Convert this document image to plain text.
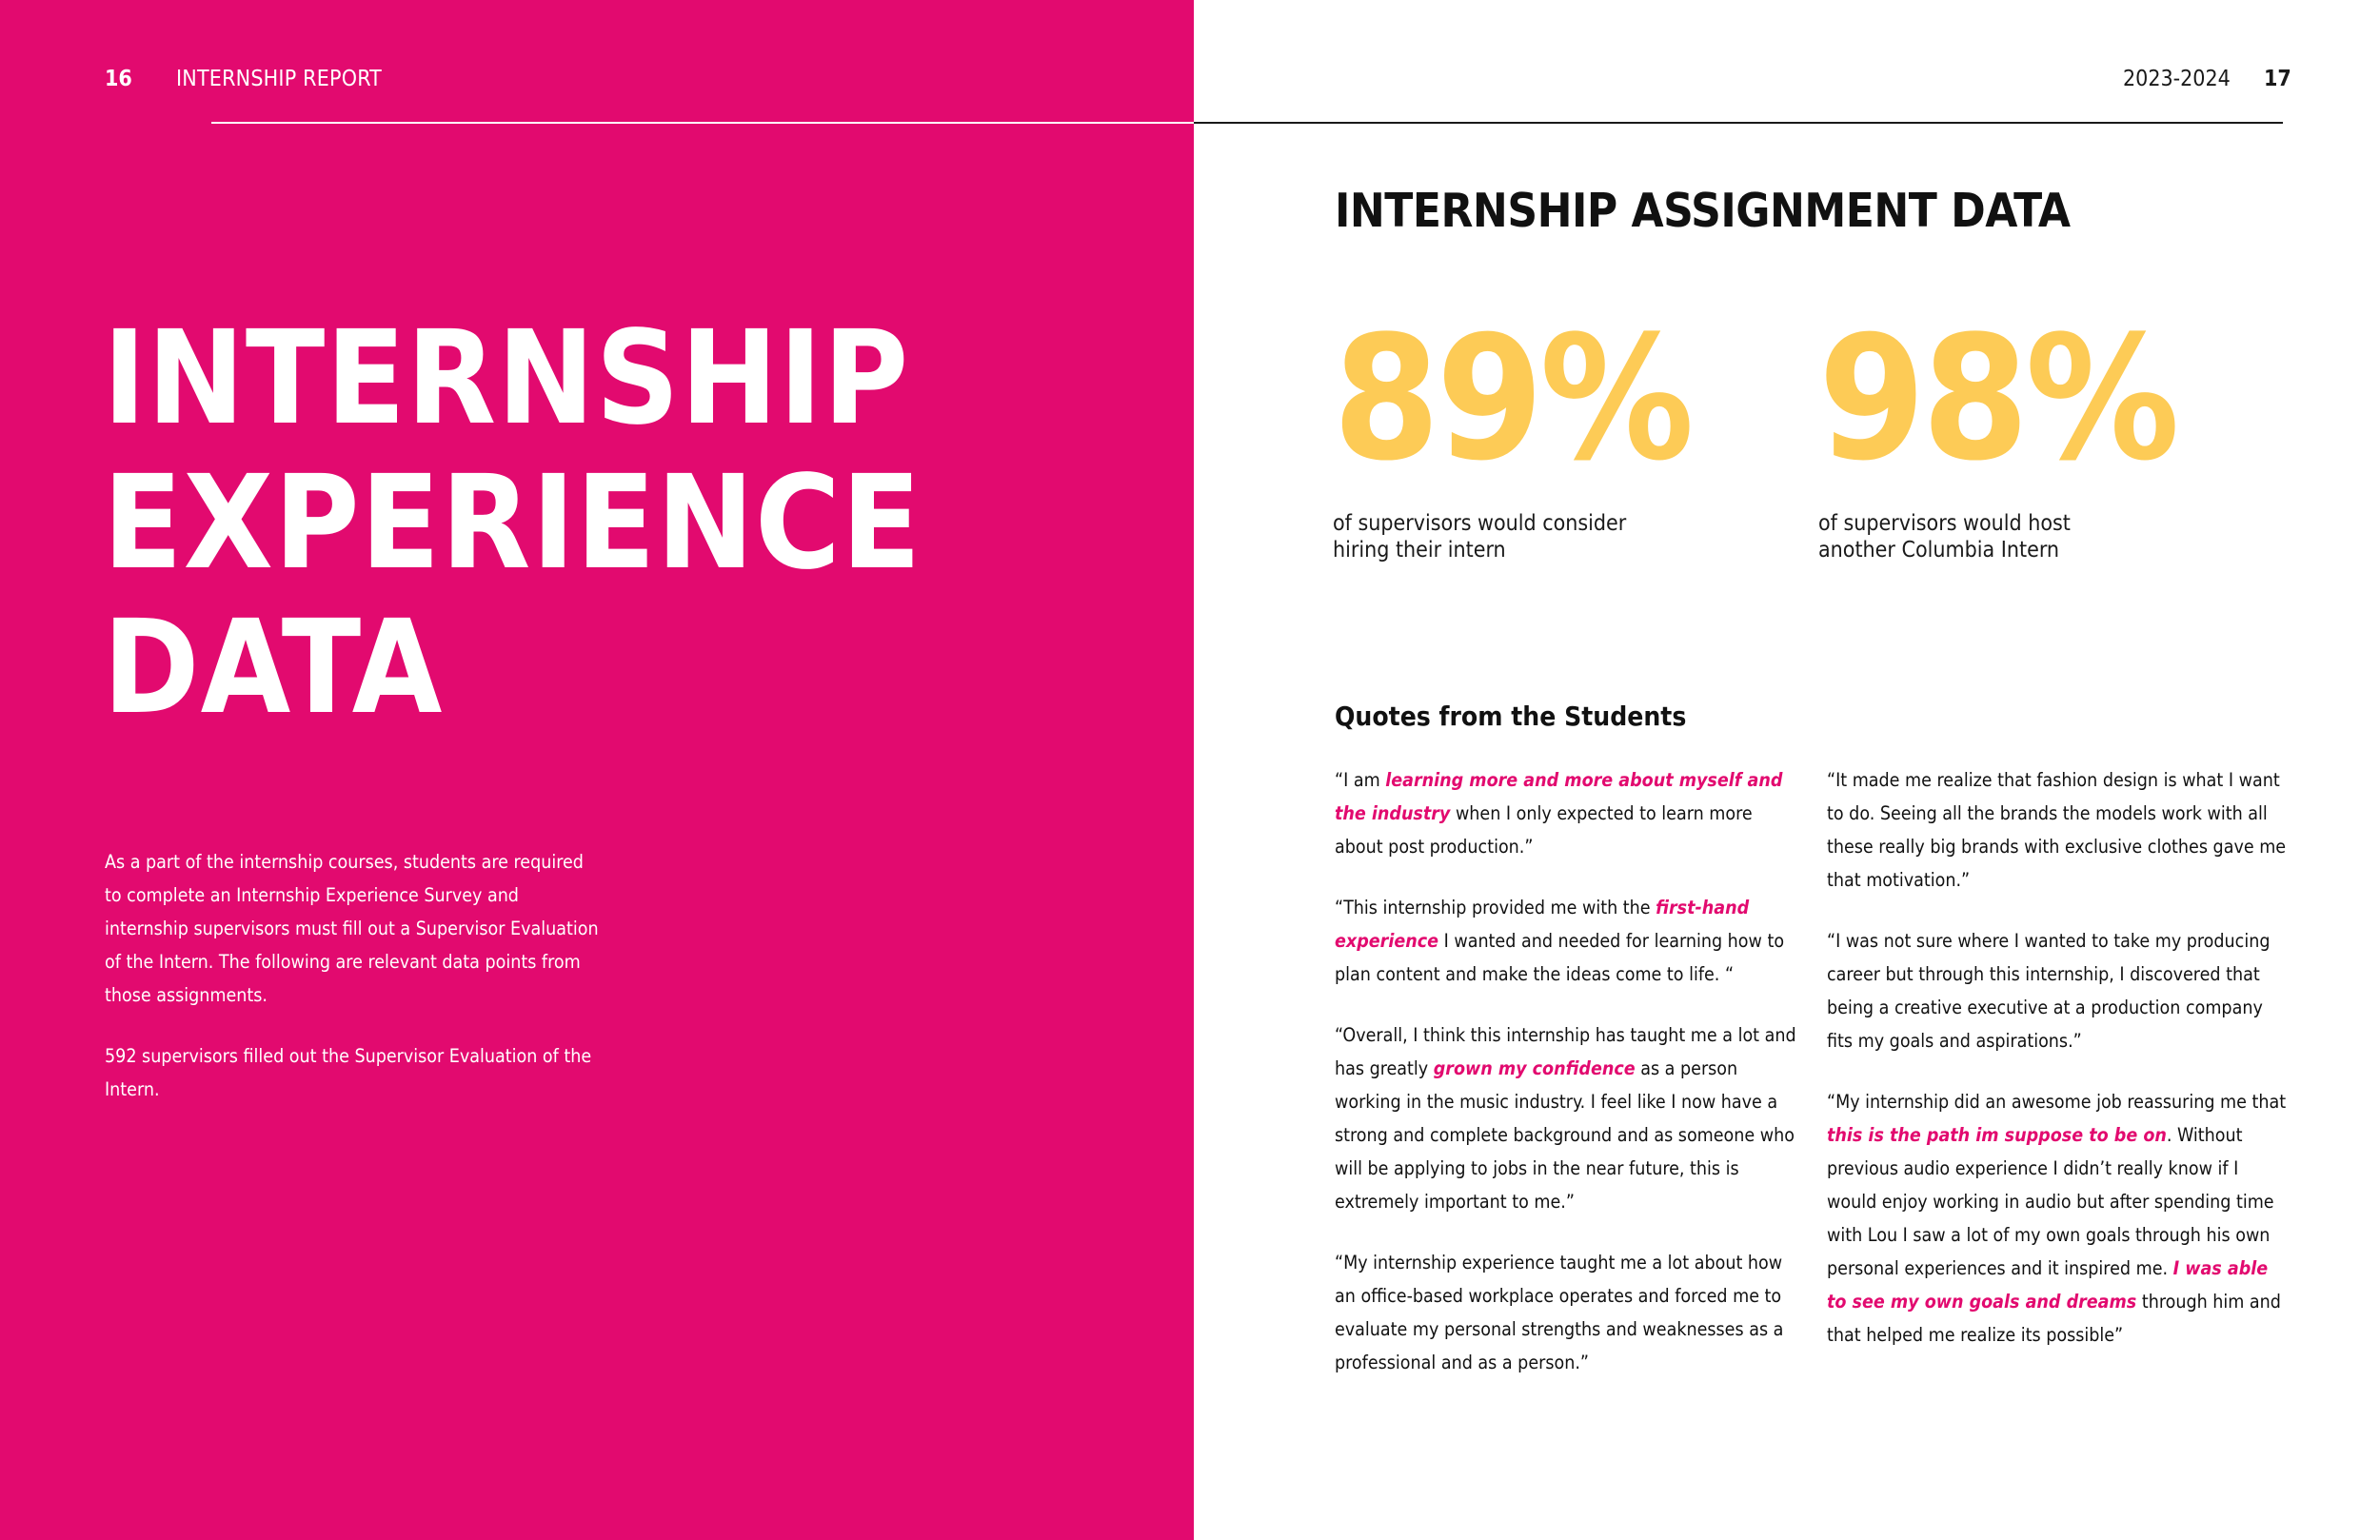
16 INTERNSHIP REPORT	2023-2024 17
INTERNSHIP
EXPERIENCE
DATA

As a part of the internship courses, students are required to complete an Internship Experience Survey and internship supervisors must fill out a Supervisor Evaluation of the Intern. The following are relevant data points from those assignments.

592 supervisors filled out the Supervisor Evaluation of the Intern.

INTERNSHIP ASSIGNMENT DATA
89%
of supervisors would consider hiring their intern
98%
of supervisors would host another Columbia Intern
Quotes from the Students

“I am learning more and more about myself and the industry when I only expected to learn more about post production.”

“This internship provided me with the first-hand experience I wanted and needed for learning how to plan content and make the ideas come to life. “

“Overall, I think this internship has taught me a lot and has greatly grown my confidence as a person working in the music industry. I feel like I now have a strong and complete background and as someone who will be applying to jobs in the near future, this is extremely important to me.”

“My internship experience taught me a lot about how an office-based workplace operates and forced me to evaluate my personal strengths and weaknesses as a professional and as a person.”

“It made me realize that fashion design is what I want to do. Seeing all the brands the models work with all these really big brands with exclusive clothes gave me that motivation.”

“I was not sure where I wanted to take my producing career but through this internship, I discovered that being a creative executive at a production company fits my goals and aspirations.”

“My internship did an awesome job reassuring me that this is the path im suppose to be on. Without previous audio experience I didn’t really know if I would enjoy working in audio but after spending time with Lou I saw a lot of my own goals through his own personal experiences and it inspired me. I was able to see my own goals and dreams through him and that helped me realize its possible”
